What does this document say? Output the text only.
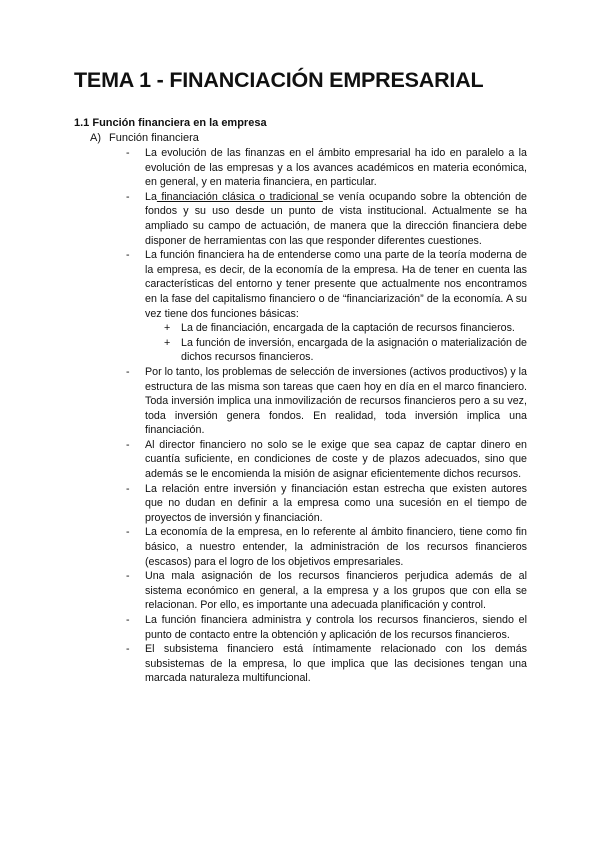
TEMA 1 - FINANCIACIÓN EMPRESARIAL
1.1 Función financiera en la empresa

A) Función financiera

- La evolución de las finanzas en el ámbito empresarial ha ido en paralelo a la evolución de las empresas y a los avances académicos en materia económica, en general, y en materia financiera, en particular.
- La financiación clásica o tradicional se venía ocupando sobre la obtención de fondos y su uso desde un punto de vista institucional. Actualmente se ha ampliado su campo de actuación, de manera que la dirección financiera debe disponer de herramientas con las que responder diferentes cuestiones.
- La función financiera ha de entenderse como una parte de la teoría moderna de la empresa, es decir, de la economía de la empresa. Ha de tener en cuenta las características del entorno y tener presente que actualmente nos encontramos en la fase del capitalismo financiero o de “financiarización” de la economía. A su vez tiene dos funciones básicas:
+ La de financiación, encargada de la captación de recursos financieros.
+ La función de inversión, encargada de la asignación o materialización de dichos recursos financieros.
- Por lo tanto, los problemas de selección de inversiones (activos productivos) y la estructura de las misma son tareas que caen hoy en día en el marco financiero. Toda inversión implica una inmovilización de recursos financieros pero a su vez, toda inversión genera fondos. En realidad, toda inversión implica una financiación.
- Al director financiero no solo se le exige que sea capaz de captar dinero en cuantía suficiente, en condiciones de coste y de plazos adecuados, sino que además se le encomienda la misión de asignar eficientemente dichos recursos.
- La relación entre inversión y financiación estan estrecha que existen autores que no dudan en definir a la empresa como una sucesión en el tiempo de proyectos de inversión y financiación.
- La economía de la empresa, en lo referente al ámbito financiero, tiene como fin básico, a nuestro entender, la administración de los recursos financieros (escasos) para el logro de los objetivos empresariales.
- Una mala asignación de los recursos financieros perjudica además de al sistema económico en general, a la empresa y a los grupos que con ella se relacionan. Por ello, es importante una adecuada planificación y control.
- La función financiera administra y controla los recursos financieros, siendo el punto de contacto entre la obtención y aplicación de los recursos financieros.
- El subsistema financiero está íntimamente relacionado con los demás subsistemas de la empresa, lo que implica que las decisiones tengan una marcada naturaleza multifuncional.
